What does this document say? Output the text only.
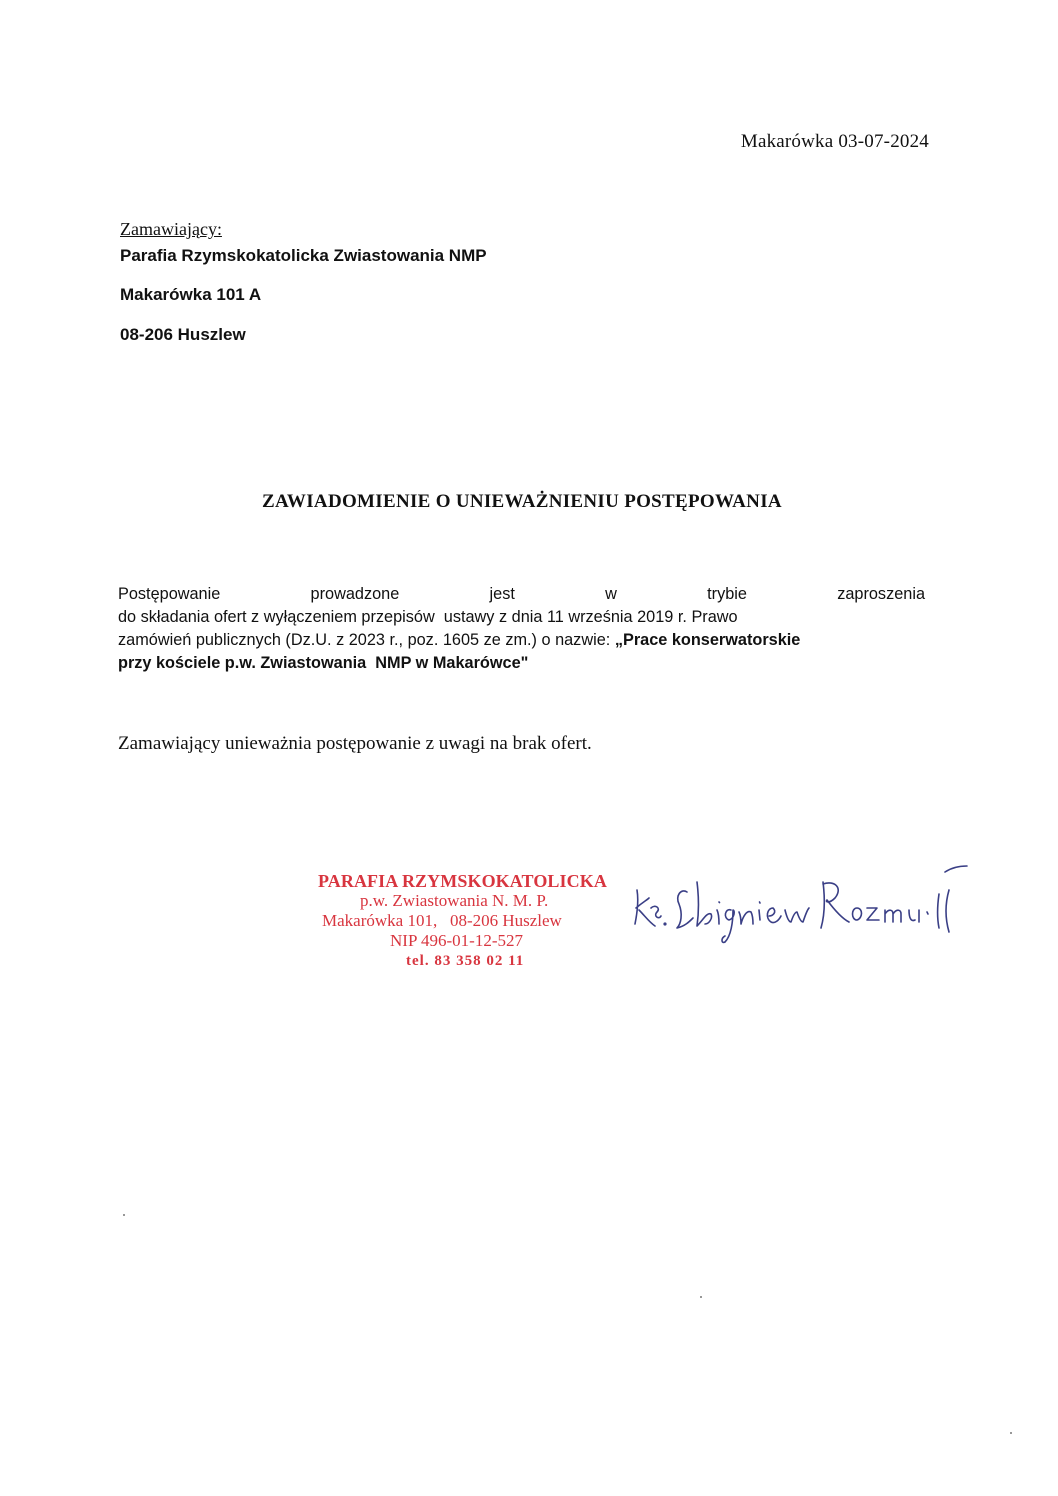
Makarówka 03-07-2024
Zamawiający:
Parafia Rzymskokatolicka Zwiastowania NMP
Makarówka 101 A
08-206 Huszlew
ZAWIADOMIENIE O UNIEWAŻNIENIU POSTĘPOWANIA
Postępowanie	prowadzone	jest	w	trybie	zaproszenia
do składania ofert z wyłączeniem przepisów  ustawy z dnia 11 września 2019 r. Prawo
zamówień publicznych (Dz.U. z 2023 r., poz. 1605 ze zm.) o nazwie: „Prace konserwatorskie
przy kościele p.w. Zwiastowania  NMP w Makarówce"
Zamawiający unieważnia postępowanie z uwagi na brak ofert.
PARAFIA RZYMSKOKATOLICKA
p.w. Zwiastowania N. M. P.
Makarówka 101,   08-206 Huszlew
NIP 496-01-12-527
tel. 83 358 02 11
